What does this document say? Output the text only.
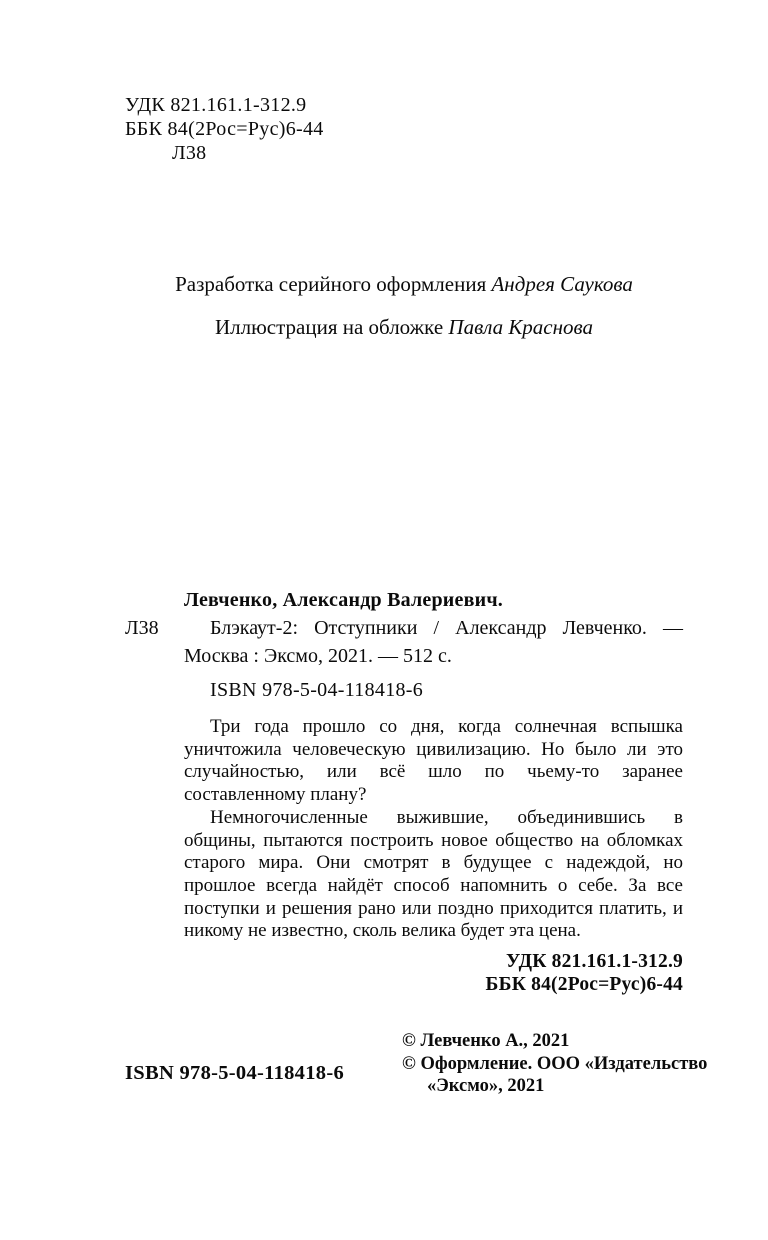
УДК 821.161.1-312.9
ББК 84(2Рос=Рус)6-44
Л38
Разработка серийного оформления Андрея Саукова
Иллюстрация на обложке Павла Краснова
Л38
Левченко, Александр Валериевич.
Блэкаут-2: Отступники / Александр Левченко. —
Москва : Эксмо, 2021. — 512 с.
ISBN 978-5-04-118418-6

Три года прошло со дня, когда солнечная вспышка уничтожила человеческую цивилизацию. Но было ли это случайностью, или всё шло по чьему-то заранее составленному плану?

Немногочисленные выжившие, объединившись в общины, пытаются построить новое общество на обломках старого мира. Они смотрят в будущее с надеждой, но прошлое всегда найдёт способ напомнить о себе. За все поступки и решения рано или поздно приходится платить, и никому не известно, сколь велика будет эта цена.

УДК 821.161.1-312.9
ББК 84(2Рос=Рус)6-44
© Левченко А., 2021
© Оформление. ООО «Издательство
«Эксмо», 2021
ISBN 978-5-04-118418-6
